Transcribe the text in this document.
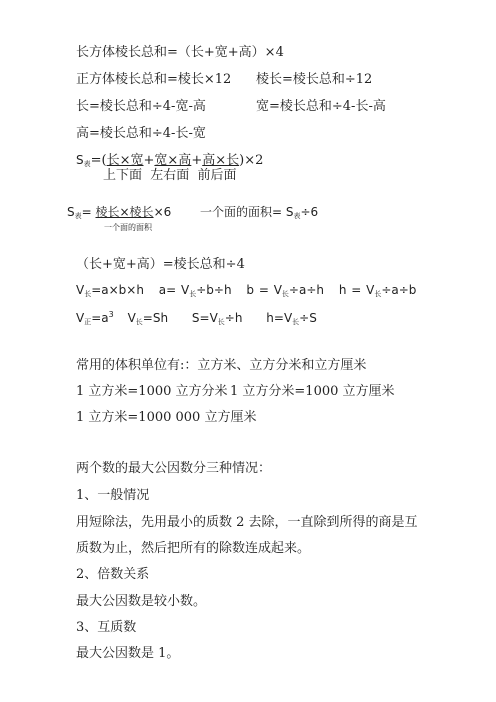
长方体棱长总和=（长+宽+高）×4
正方体棱长总和=棱长×12 棱长=棱长总和÷12
长=棱长总和÷4-宽-高	宽=棱长总和÷4-长-高
高=棱长总和÷4-长-宽
$S_表=$(长×宽+宽×高+高×长)×2
上下面  左右面  前后面
$S_表=$ 棱长×棱长×6 一个面的面积= $S_表\div 6$
一个面的面积
（长+宽+高）=棱长总和÷4
$V_长=a\times b\times h$ $a= V_长\div b\div h$ $b = V_长\div a\div h$ $h = V_长\div a\div b$
$V_正=a^3$ $V_长=Sh$ $S=V_长\div h$ $h=V_长\div S$
常用的体积单位有:：立方米、立方分米和立方厘米
1 立方米=1000 立方分米 1 立方分米=1000 立方厘米
1 立方米=1000 000 立方厘米
两个数的最大公因数分三种情况：
1、一般情况
用短除法，先用最小的质数 2 去除，一直除到所得的商是互
质数为止，然后把所有的除数连成起来。
2、倍数关系
最大公因数是较小数。
3、互质数
最大公因数是 1。
